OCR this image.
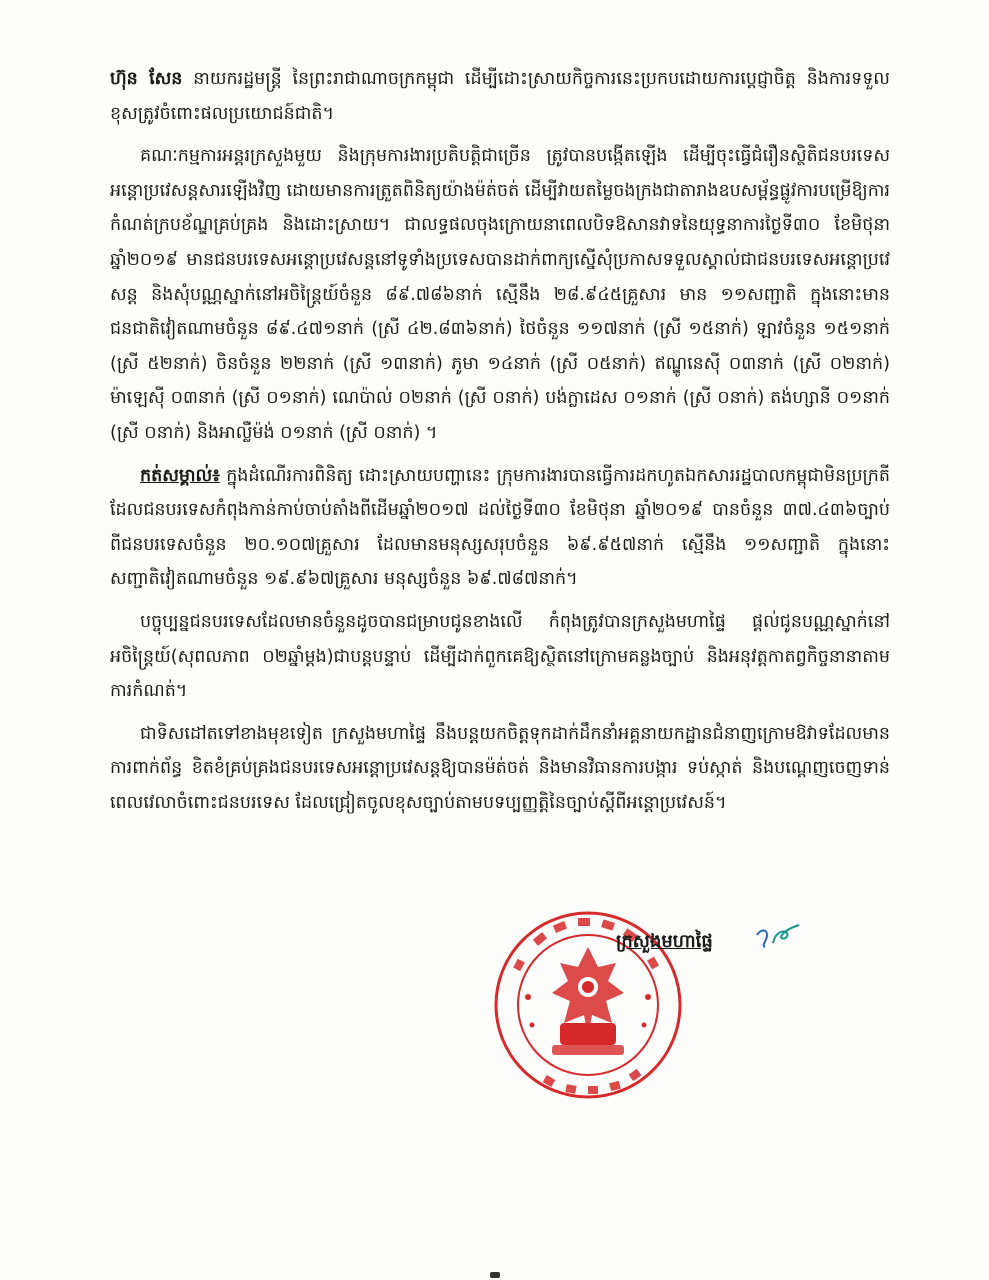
ហ៊ុន សែន នាយករដ្ឋមន្ត្រី នៃព្រះរាជាណាចក្រកម្ពុជា ដើម្បីដោះស្រាយកិច្ចការនេះប្រកបដោយការប្ដេជ្ញាចិត្ត និងការទទួលខុសត្រូវចំពោះផលប្រយោជន៍ជាតិ។

គណៈកម្មការអន្តរក្រសួងមួយ និងក្រុមការងារប្រតិបត្តិជាច្រើន ត្រូវបានបង្កើតឡើង ដើម្បីចុះធ្វើជំរឿនស្ថិតិជនបរទេសអន្តោប្រវេសន្តសារឡើងវិញ ដោយមានការត្រួតពិនិត្យយ៉ាងម៉ត់ចត់ ដើម្បីវាយតម្លៃចងក្រងជាតារាងឧបសម្ព័ន្ធផ្លូវការបម្រើឱ្យការកំណត់ក្របខ័ណ្ឌគ្រប់គ្រង និងដោះស្រាយ។ ជាលទ្ធផលចុងក្រោយនាពេលបិទឱសានវាទនៃយុទ្ធនាការថ្ងៃទី៣០ ខែមិថុនា ឆ្នាំ២០១៩ មានជនបរទេសអន្តោប្រវេសន្តនៅទូទាំងប្រទេសបានដាក់ពាក្យស្នើសុំប្រកាសទទួលស្គាល់ជាជនបរទេសអន្តោប្រវេសន្ត និងសុំបណ្ណស្នាក់នៅអចិន្ត្រៃយ៍ចំនួន ៨៩.៧៨៦នាក់ ស្មើនឹង ២៨.៩៤៥គ្រួសារ មាន ១១សញ្ជាតិ ក្នុងនោះមានជនជាតិវៀតណាមចំនួន ៨៩.៤៧១នាក់ (ស្រី ៤២.៨៣៦នាក់) ថៃចំនួន ១១៧នាក់ (ស្រី ១៥នាក់) ឡាវចំនួន ១៥១នាក់ (ស្រី ៥២នាក់) ចិនចំនួន ២២នាក់ (ស្រី ១៣នាក់) ភូមា ១៤នាក់ (ស្រី ០៥នាក់) ឥណ្ឌូនេស៊ី ០៣នាក់ (ស្រី ០២នាក់) ម៉ាឡេស៊ី ០៣នាក់ (ស្រី ០១នាក់) ណេប៉ាល់ ០២នាក់ (ស្រី ០នាក់) បង់ក្លាដេស ០១នាក់ (ស្រី ០នាក់) តង់ហ្សានី ០១នាក់ (ស្រី ០នាក់) និងអាល្លឺម៉ង់ ០១នាក់ (ស្រី ០នាក់) ។

កត់សម្គាល់៖ ក្នុងដំណើរការពិនិត្យ ដោះស្រាយបញ្ហានេះ ក្រុមការងារបានធ្វើការដកហូតឯកសាររដ្ឋបាលកម្ពុជាមិនប្រក្រតីដែលជនបរទេសកំពុងកាន់កាប់ចាប់តាំងពីដើមឆ្នាំ២០១៧ ដល់ថ្ងៃទី៣០ ខែមិថុនា ឆ្នាំ២០១៩ បានចំនួន ៣៧.៤៣៦ច្បាប់ ពីជនបរទេសចំនួន ២០.១០៧គ្រួសារ ដែលមានមនុស្សសរុបចំនួន ៦៩.៩៥៧នាក់ ស្មើនឹង ១១សញ្ជាតិ ក្នុងនោះសញ្ជាតិវៀតណាមចំនួន ១៩.៩៦៧គ្រួសារ មនុស្សចំនួន ៦៩.៧៨៧នាក់។

បច្ចុប្បន្នជនបរទេសដែលមានចំនួនដូចបានជម្រាបជូនខាងលើ កំពុងត្រូវបានក្រសួងមហាផ្ទៃ ផ្ដល់ជូនបណ្ណស្នាក់នៅអចិន្ត្រៃយ៍(សុពលភាព ០២ឆ្នាំម្ដង)ជាបន្តបន្ទាប់ ដើម្បីដាក់ពួកគេឱ្យស្ថិតនៅក្រោមគន្លងច្បាប់ និងអនុវត្តកាតព្វកិច្ចនានាតាមការកំណត់។

ជាទិសដៅតទៅខាងមុខទៀត ក្រសួងមហាផ្ទៃ នឹងបន្តយកចិត្តទុកដាក់ដឹកនាំអគ្គនាយកដ្ឋានជំនាញក្រោមឱវាទដែលមានការពាក់ព័ន្ធ ខិតខំគ្រប់គ្រងជនបរទេសអន្តោប្រវេសន្តឱ្យបានម៉ត់ចត់ និងមានវិធានការបង្ការ ទប់ស្កាត់ និងបណ្ដេញចេញទាន់ពេលវេលាចំពោះជនបរទេស ដែលជ្រៀតចូលខុសច្បាប់តាមបទប្បញ្ញត្តិនៃច្បាប់ស្ដីពីអន្តោប្រវេសន៍។

ក្រសួងមហាផ្ទៃ
